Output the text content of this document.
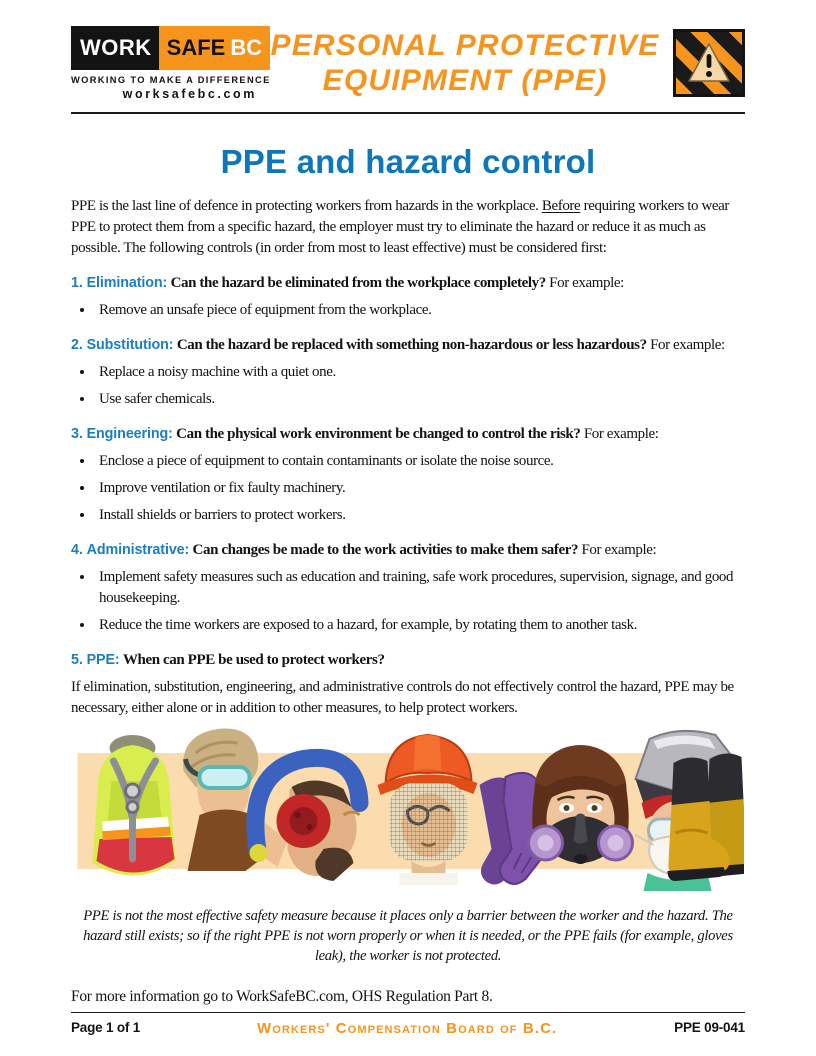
WORK SAFE BC
WORKING TO MAKE A DIFFERENCE
worksafebc.com
PERSONAL PROTECTIVE
EQUIPMENT (PPE)
PPE and hazard control

PPE is the last line of defence in protecting workers from hazards in the workplace. Before requiring workers to wear PPE to protect them from a specific hazard, the employer must try to eliminate the hazard or reduce it as much as possible. The following controls (in order from most to least effective) must be considered first:

1. Elimination: Can the hazard be eliminated from the workplace completely? For example:

• Remove an unsafe piece of equipment from the workplace.

2. Substitution: Can the hazard be replaced with something non-hazardous or less hazardous? For example:

• Replace a noisy machine with a quiet one.
• Use safer chemicals.

3. Engineering: Can the physical work environment be changed to control the risk? For example:

• Enclose a piece of equipment to contain contaminants or isolate the noise source.
• Improve ventilation or fix faulty machinery.
• Install shields or barriers to protect workers.

4. Administrative: Can changes be made to the work activities to make them safer? For example:

• Implement safety measures such as education and training, safe work procedures, supervision, signage, and good housekeeping.
• Reduce the time workers are exposed to a hazard, for example, by rotating them to another task.

5. PPE: When can PPE be used to protect workers?

If elimination, substitution, engineering, and administrative controls do not effectively control the hazard, PPE may be necessary, either alone or in addition to other measures, to help protect workers.

PPE is not the most effective safety measure because it places only a barrier between the worker and the hazard. The hazard still exists; so if the right PPE is not worn properly or when it is needed, or the PPE fails (for example, gloves leak), the worker is not protected.

For more information go to WorkSafeBC.com, OHS Regulation Part 8.

Page 1 of 1	Workers' Compensation Board of B.C.	PPE 09-041
